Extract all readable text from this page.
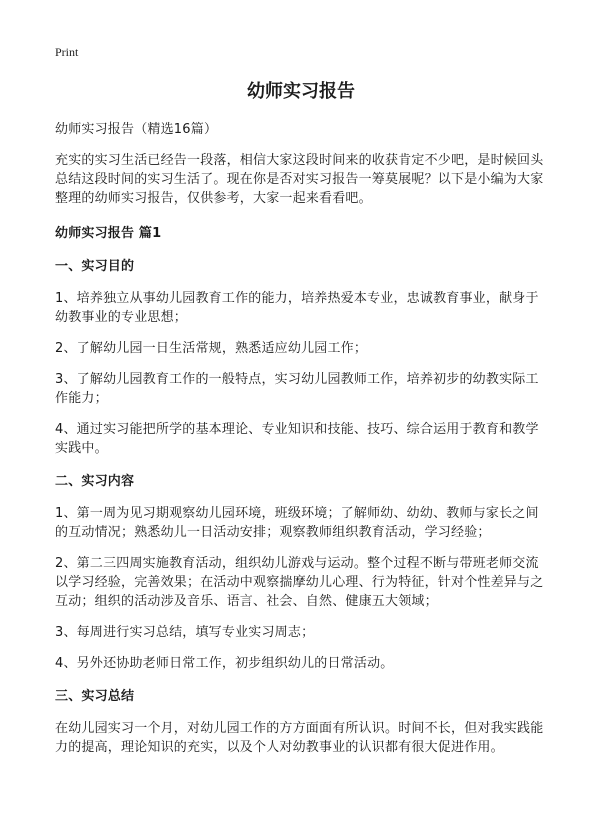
Print
幼师实习报告

幼师实习报告（精选16篇）

充实的实习生活已经告一段落，相信大家这段时间来的收获肯定不少吧，是时候回头总结这段时间的实习生活了。现在你是否对实习报告一筹莫展呢？以下是小编为大家整理的幼师实习报告，仅供参考，大家一起来看看吧。

幼师实习报告 篇1

一、实习目的

1、培养独立从事幼儿园教育工作的能力，培养热爱本专业，忠诚教育事业，献身于幼教事业的专业思想；

2、了解幼儿园一日生活常规，熟悉适应幼儿园工作；

3、了解幼儿园教育工作的一般特点，实习幼儿园教师工作，培养初步的幼教实际工作能力；

4、通过实习能把所学的基本理论、专业知识和技能、技巧、综合运用于教育和教学实践中。

二、实习内容

1、第一周为见习期观察幼儿园环境，班级环境；了解师幼、幼幼、教师与家长之间的互动情况；熟悉幼儿一日活动安排；观察教师组织教育活动，学习经验；

2、第二三四周实施教育活动，组织幼儿游戏与运动。整个过程不断与带班老师交流以学习经验，完善效果；在活动中观察揣摩幼儿心理、行为特征，针对个性差异与之互动；组织的活动涉及音乐、语言、社会、自然、健康五大领域；

3、每周进行实习总结，填写专业实习周志；

4、另外还协助老师日常工作，初步组织幼儿的日常活动。

三、实习总结

在幼儿园实习一个月，对幼儿园工作的方方面面有所认识。时间不长，但对我实践能力的提高，理论知识的充实，以及个人对幼教事业的认识都有很大促进作用。
